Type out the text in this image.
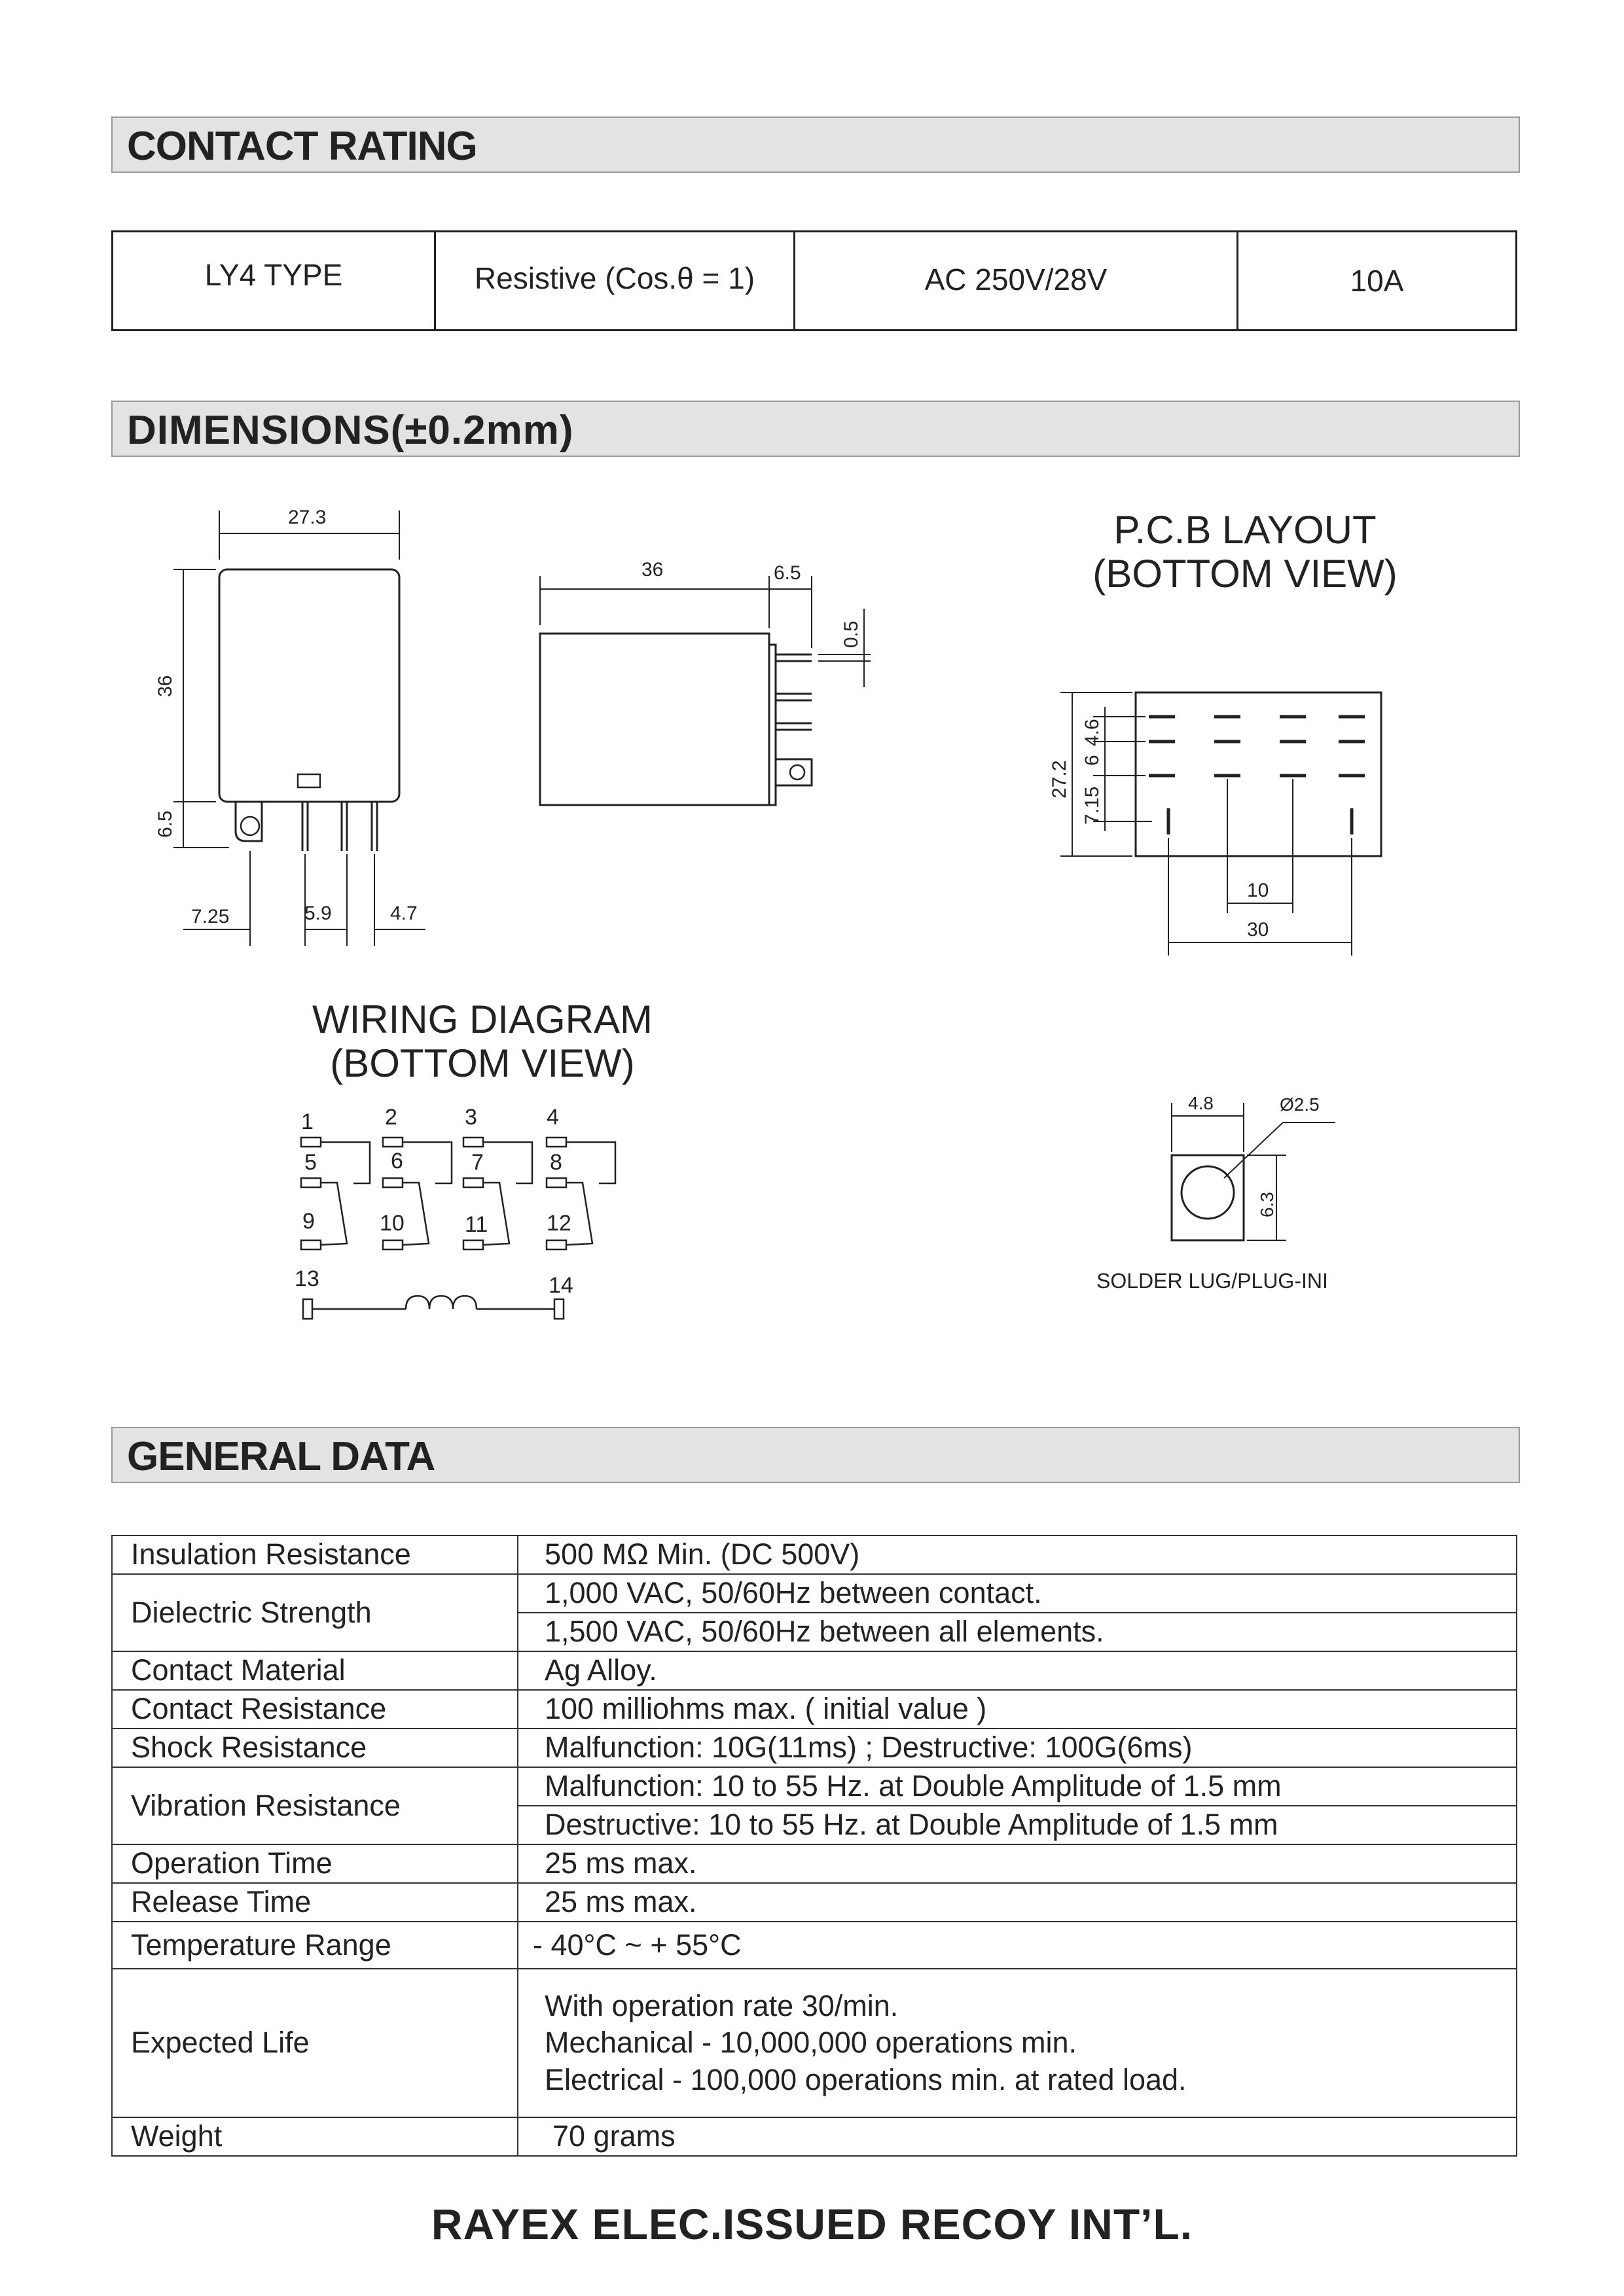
CONTACT RATING
LY4 TYPE	Resistive (Cos.θ = 1)	AC 250V/28V	10A
DIMENSIONS(±0.2mm)
27.3
36
6.5
7.25	5.9	4.7
36	6.5
0.5
27.2
4.6
6
7.15
10
30
4.8	Ø2.5
6.3
SOLDER LUG/PLUG-INI
P.C.B LAYOUT
(BOTTOM VIEW)
WIRING DIAGRAM
(BOTTOM VIEW)
1	2	3	4
5	6	7	8
9	10	11	12
13	14
GENERAL DATA
Insulation Resistance	500 MΩ Min. (DC 500V)
Dielectric Strength	1,000 VAC, 50/60Hz between contact.
	1,500 VAC, 50/60Hz between all elements.
Contact Material	Ag Alloy.
Contact Resistance	100 milliohms max. ( initial value )
Shock Resistance	Malfunction: 10G(11ms) ; Destructive: 100G(6ms)
Vibration Resistance	Malfunction: 10 to 55 Hz. at Double Amplitude of 1.5 mm
	Destructive: 10 to 55 Hz. at Double Amplitude of 1.5 mm
Operation Time	25 ms max.
Release Time	25 ms max.
Temperature Range	- 40°C ~ + 55°C
Expected Life	With operation rate 30/min.
Mechanical - 10,000,000 operations min.
Electrical - 100,000 operations min. at rated load.

Weight	70 grams
RAYEX ELEC.ISSUED RECOY INT’L.
